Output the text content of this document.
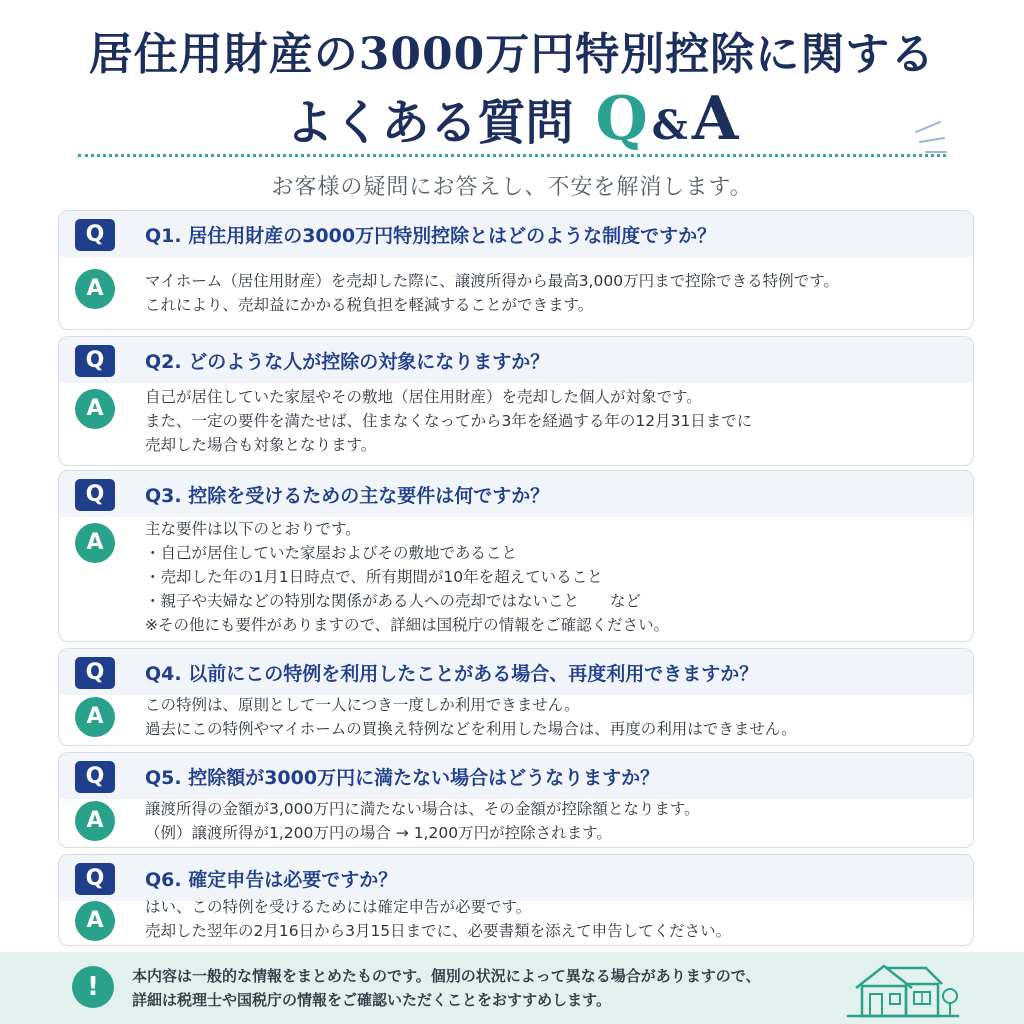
居住用財産の3000万円特別控除に関する
よくある質問 Q &A
お客様の疑問にお答えし、不安を解消します。
Q	Q1. 居住用財産の3000万円特別控除とはどのような制度ですか？
A	マイホーム（居住用財産）を売却した際に、譲渡所得から最高3,000万円まで控除できる特例です。
これにより、売却益にかかる税負担を軽減することができます。
Q	Q2. どのような人が控除の対象になりますか？
A	自己が居住していた家屋やその敷地（居住用財産）を売却した個人が対象です。
また、一定の要件を満たせば、住まなくなってから3年を経過する年の12月31日までに
売却した場合も対象となります。
Q	Q3. 控除を受けるための主な要件は何ですか？
A
主な要件は以下のとおりです。
・自己が居住していた家屋およびその敷地であること
・売却した年の1月1日時点で、所有期間が10年を超えていること
・親子や夫婦などの特別な関係がある人への売却ではないこと　　など
※その他にも要件がありますので、詳細は国税庁の情報をご確認ください。
Q	Q4. 以前にこの特例を利用したことがある場合、再度利用できますか？
A	この特例は、原則として一人につき一度しか利用できません。
過去にこの特例やマイホームの買換え特例などを利用した場合は、再度の利用はできません。
Q	Q5. 控除額が3000万円に満たない場合はどうなりますか？
A	譲渡所得の金額が3,000万円に満たない場合は、その金額が控除額となります。
（例）譲渡所得が1,200万円の場合 → 1,200万円が控除されます。
Q	Q6. 確定申告は必要ですか？
A
はい、この特例を受けるためには確定申告が必要です。
売却した翌年の2月16日から3月15日までに、必要書類を添えて申告してください。
!	本内容は一般的な情報をまとめたものです。個別の状況によって異なる場合がありますので、
詳細は税理士や国税庁の情報をご確認いただくことをおすすめします。
